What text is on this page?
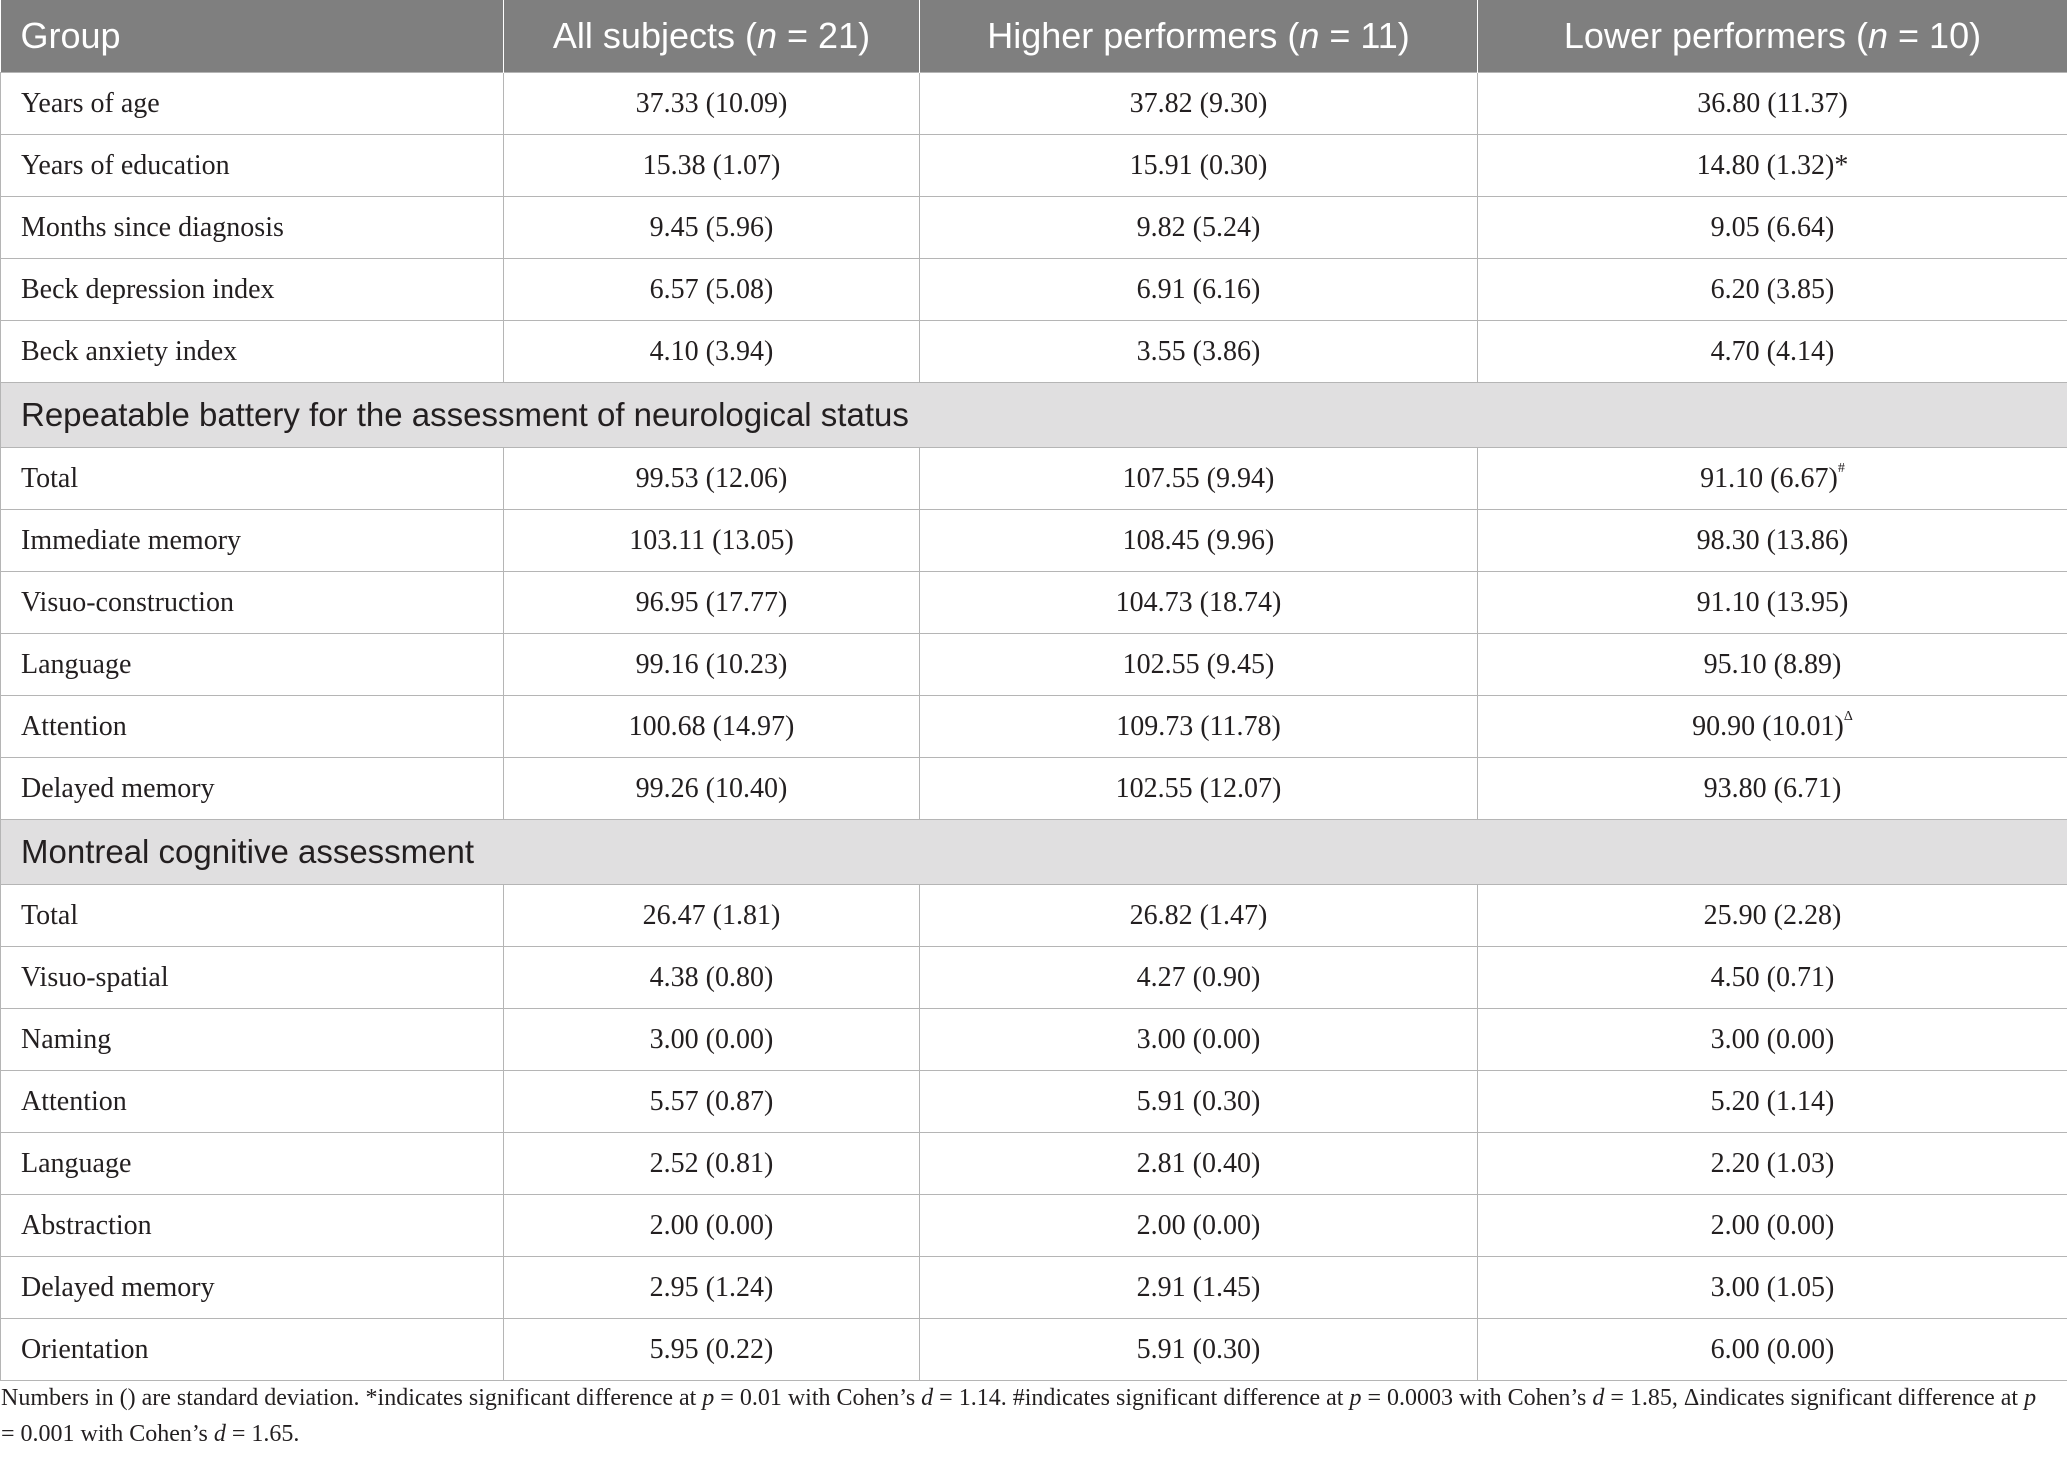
Group	All subjects (n = 21)	Higher performers (n = 11)	Lower performers (n = 10)
Years of age	37.33 (10.09)	37.82 (9.30)	36.80 (11.37)
Years of education	15.38 (1.07)	15.91 (0.30)	14.80 (1.32)*
Months since diagnosis	9.45 (5.96)	9.82 (5.24)	9.05 (6.64)
Beck depression index	6.57 (5.08)	6.91 (6.16)	6.20 (3.85)
Beck anxiety index	4.10 (3.94)	3.55 (3.86)	4.70 (4.14)
Repeatable battery for the assessment of neurological status			
Total	99.53 (12.06)	107.55 (9.94)	91.10 (6.67)#
Immediate memory	103.11 (13.05)	108.45 (9.96)	98.30 (13.86)
Visuo-construction	96.95 (17.77)	104.73 (18.74)	91.10 (13.95)
Language	99.16 (10.23)	102.55 (9.45)	95.10 (8.89)
Attention	100.68 (14.97)	109.73 (11.78)	90.90 $(10.01)^\Delta$
Delayed memory	99.26 (10.40)	102.55 (12.07)	93.80 (6.71)
Montreal cognitive assessment			
Total	26.47 (1.81)	26.82 (1.47)	25.90 (2.28)
Visuo-spatial	4.38 (0.80)	4.27 (0.90)	4.50 (0.71)
Naming	3.00 (0.00)	3.00 (0.00)	3.00 (0.00)
Attention	5.57 (0.87)	5.91 (0.30)	5.20 (1.14)
Language	2.52 (0.81)	2.81 (0.40)	2.20 (1.03)
Abstraction	2.00 (0.00)	2.00 (0.00)	2.00 (0.00)
Delayed memory	2.95 (1.24)	2.91 (1.45)	3.00 (1.05)
Orientation	5.95 (0.22)	5.91 (0.30)	6.00 (0.00)
Numbers in () are standard deviation. *indicates significant difference at p = 0.01 with Cohen’s d = 1.14. #indicates significant difference at p = 0.0003 with Cohen’s d = 1.85, Δindicates significant difference at p = 0.001 with Cohen’s d = 1.65.
